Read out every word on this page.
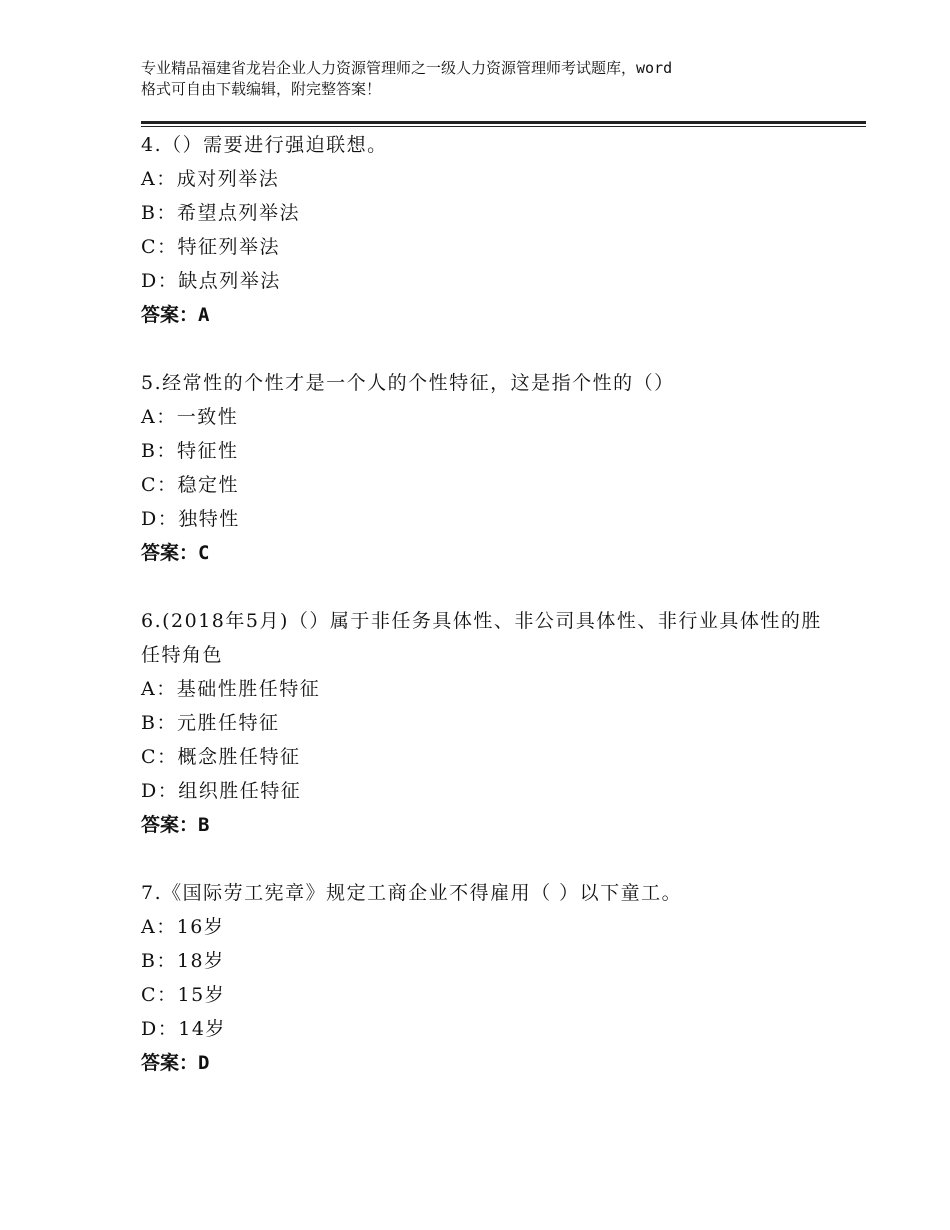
专业精品福建省龙岩企业人力资源管理师之一级人力资源管理师考试题库，word
格式可自由下载编辑，附完整答案！
4.（）需要进行强迫联想。
A：成对列举法
B：希望点列举法
C：特征列举法
D：缺点列举法
答案：A
5.经常性的个性才是一个人的个性特征，这是指个性的（）
A：一致性
B：特征性
C：稳定性
D：独特性
答案：C
6.(2018年5月)（）属于非任务具体性、非公司具体性、非行业具体性的胜任特角色
A：基础性胜任特征
B：元胜任特征
C：概念胜任特征
D：组织胜任特征
答案：B
7.《国际劳工宪章》规定工商企业不得雇用（ ）以下童工。
A：16岁
B：18岁
C：15岁
D：14岁
答案：D
